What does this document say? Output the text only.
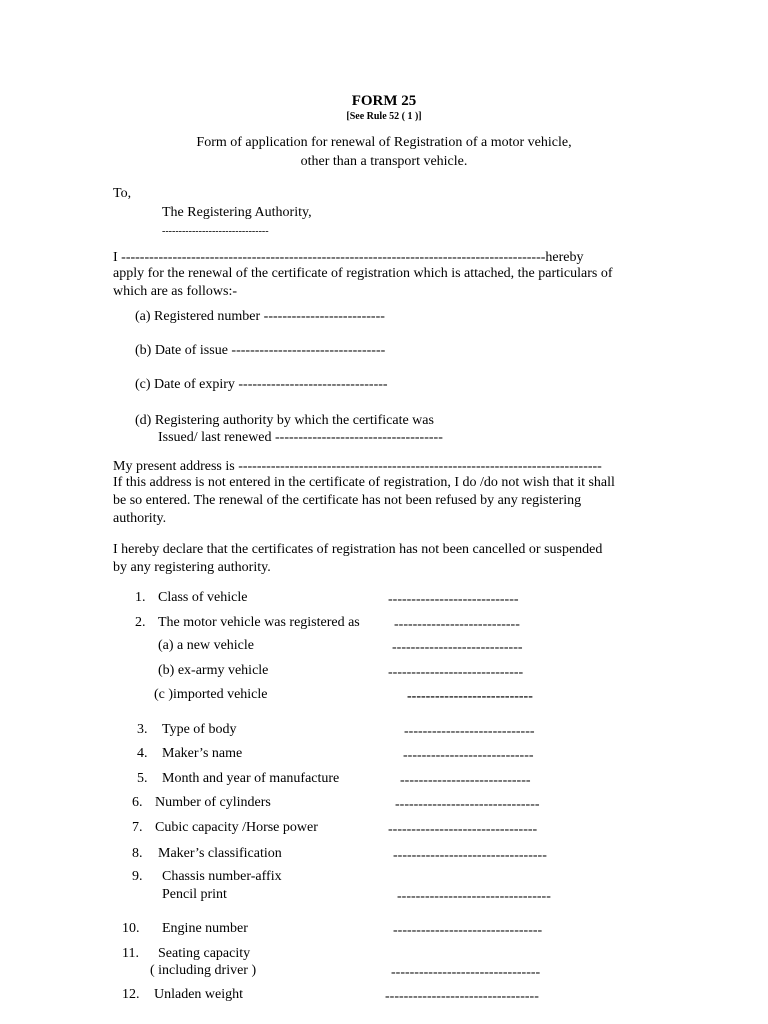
FORM 25
[See Rule 52 ( 1 )]
Form of application for renewal of Registration of a motor vehicle,
other than a transport vehicle.
To,
The Registering Authority,
--------------------------------
I -------------------------------------------------------------------------------------------hereby
apply for the renewal of the certificate of registration which is attached, the particulars of
which are as follows:-
(a) Registered number --------------------------
(b) Date of issue ---------------------------------
(c) Date of expiry --------------------------------
(d) Registering authority by which the certificate was
Issued/ last renewed ------------------------------------
My present address is ------------------------------------------------------------------------------
If this address is not entered in the certificate of registration, I do /do not wish that it shall
be so entered. The renewal of the certificate has not been refused by any registering
authority.
I hereby declare that the certificates of registration has not been cancelled or suspended
by any registering authority.
1. Class of vehicle	----------------------------
2. The motor vehicle was registered as ---------------------------
(a) a new vehicle	----------------------------
(b) ex-army vehicle	-----------------------------
(c )imported vehicle	---------------------------
3. Type of body	----------------------------
4. Maker’s name	----------------------------
5. Month and year of manufacture	----------------------------
6. Number of cylinders	-------------------------------
7. Cubic capacity /Horse power	--------------------------------
8. Maker’s classification	---------------------------------
9. Chassis number-affix
Pencil print	---------------------------------
10. Engine number	--------------------------------
11. Seating capacity
( including driver )	--------------------------------
12. Unladen weight	---------------------------------
